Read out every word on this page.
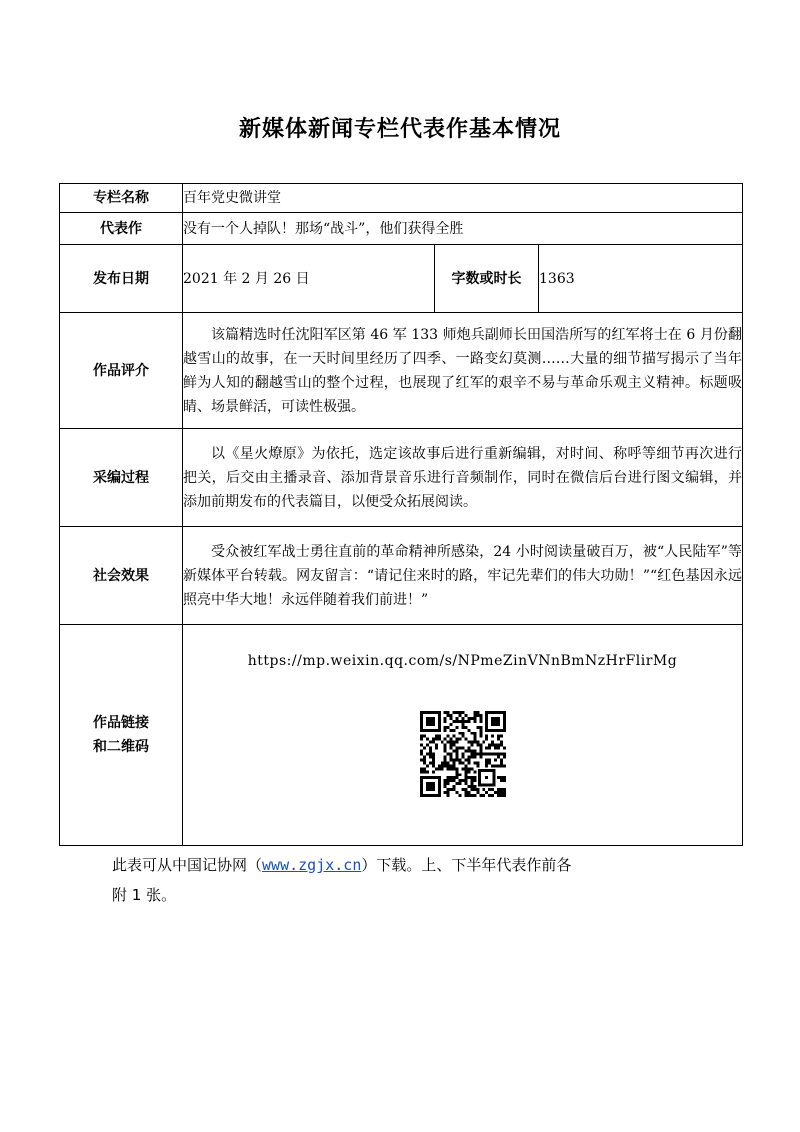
新媒体新闻专栏代表作基本情况
专栏名称	百年党史微讲堂		
代表作	没有一个人掉队！那场“战斗”，他们获得全胜		
发布日期	2021 年 2 月 26 日	字数或时长	1363
作品评介	该篇精选时任沈阳军区第 46 军 133 师炮兵副师长田国浩所写的红军将士在 6 月份翻越雪山的故事，在一天时间里经历了四季、一路变幻莫测……大量的细节描写揭示了当年鲜为人知的翻越雪山的整个过程，也展现了红军的艰辛不易与革命乐观主义精神。标题吸睛、场景鲜活，可读性极强。		

采编过程	以《星火燎原》为依托，选定该故事后进行重新编辑，对时间、称呼等细节再次进行把关，后交由主播录音、添加背景音乐进行音频制作，同时在微信后台进行图文编辑，并添加前期发布的代表篇目，以便受众拓展阅读。		

社会效果	受众被红军战士勇往直前的革命精神所感染，24 小时阅读量破百万，被“人民陆军”等新媒体平台转载。网友留言：“请记住来时的路，牢记先辈们的伟大功勋！”“红色基因永远照亮中华大地！永远伴随着我们前进！”		

作品链接
和二维码	https://mp.weixin.qq.com/s/NPmeZinVNnBmNzHrFlirMg		
此表可从中国记协网（www.zgjx.cn）下载。上、下半年代表作前各
附 1 张。
